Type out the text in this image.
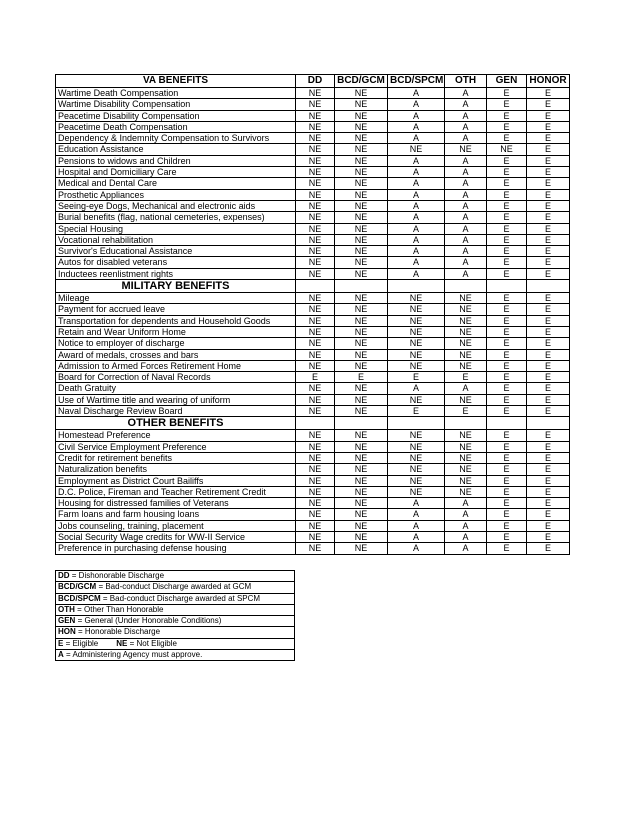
VA BENEFITS	DD	BCD/GCM	BCD/SPCM	OTH	GEN	HONOR
Wartime Death Compensation	NE	NE	A	A	E	E
Wartime Disability Compensation	NE	NE	A	A	E	E
Peacetime Disability Compensation	NE	NE	A	A	E	E
Peacetime Death Compensation	NE	NE	A	A	E	E
Dependency & Indemnity Compensation to Survivors	NE	NE	A	A	E	E
Education Assistance	NE	NE	NE	NE	NE	E
Pensions to widows and Children	NE	NE	A	A	E	E
Hospital and Domiciliary Care	NE	NE	A	A	E	E
Medical and Dental Care	NE	NE	A	A	E	E
Prosthetic Appliances	NE	NE	A	A	E	E
Seeing-eye Dogs, Mechanical and electronic aids	NE	NE	A	A	E	E
Burial benefits (flag, national cemeteries, expenses)	NE	NE	A	A	E	E
Special Housing	NE	NE	A	A	E	E
Vocational rehabilitation	NE	NE	A	A	E	E
Survivor's Educational Assistance	NE	NE	A	A	E	E
Autos for disabled veterans	NE	NE	A	A	E	E
Inductees reenlistment rights	NE	NE	A	A	E	E
MILITARY BENEFITS						
Mileage	NE	NE	NE	NE	E	E
Payment for accrued leave	NE	NE	NE	NE	E	E
Transportation for dependents and Household Goods	NE	NE	NE	NE	E	E
Retain and Wear Uniform Home	NE	NE	NE	NE	E	E
Notice to employer of discharge	NE	NE	NE	NE	E	E
Award of medals, crosses and bars	NE	NE	NE	NE	E	E
Admission to Armed Forces Retirement Home	NE	NE	NE	NE	E	E
Board for Correction of Naval Records	E	E	E	E	E	E
Death Gratuity	NE	NE	A	A	E	E
Use of Wartime title and wearing of uniform	NE	NE	NE	NE	E	E
Naval Discharge Review Board	NE	NE	E	E	E	E
OTHER BENEFITS						
Homestead Preference	NE	NE	NE	NE	E	E
Civil Service Employment Preference	NE	NE	NE	NE	E	E
Credit for retirement benefits	NE	NE	NE	NE	E	E
Naturalization benefits	NE	NE	NE	NE	E	E
Employment as District Court Bailiffs	NE	NE	NE	NE	E	E
D.C. Police, Fireman and Teacher Retirement Credit	NE	NE	NE	NE	E	E
Housing for distressed families of Veterans	NE	NE	A	A	E	E
Farm loans and farm housing loans	NE	NE	A	A	E	E
Jobs counseling, training, placement	NE	NE	A	A	E	E
Social Security Wage credits for WW-II Service	NE	NE	A	A	E	E
Preference in purchasing defense housing	NE	NE	A	A	E	E
DD = Dishonorable Discharge
BCD/GCM = Bad-conduct Discharge awarded at GCM
BCD/SPCM = Bad-conduct Discharge awarded at SPCM
OTH = Other Than Honorable
GEN = General (Under Honorable Conditions)
HON = Honorable Discharge
E = Eligible NE = Not Eligible
A = Administering Agency must approve.
